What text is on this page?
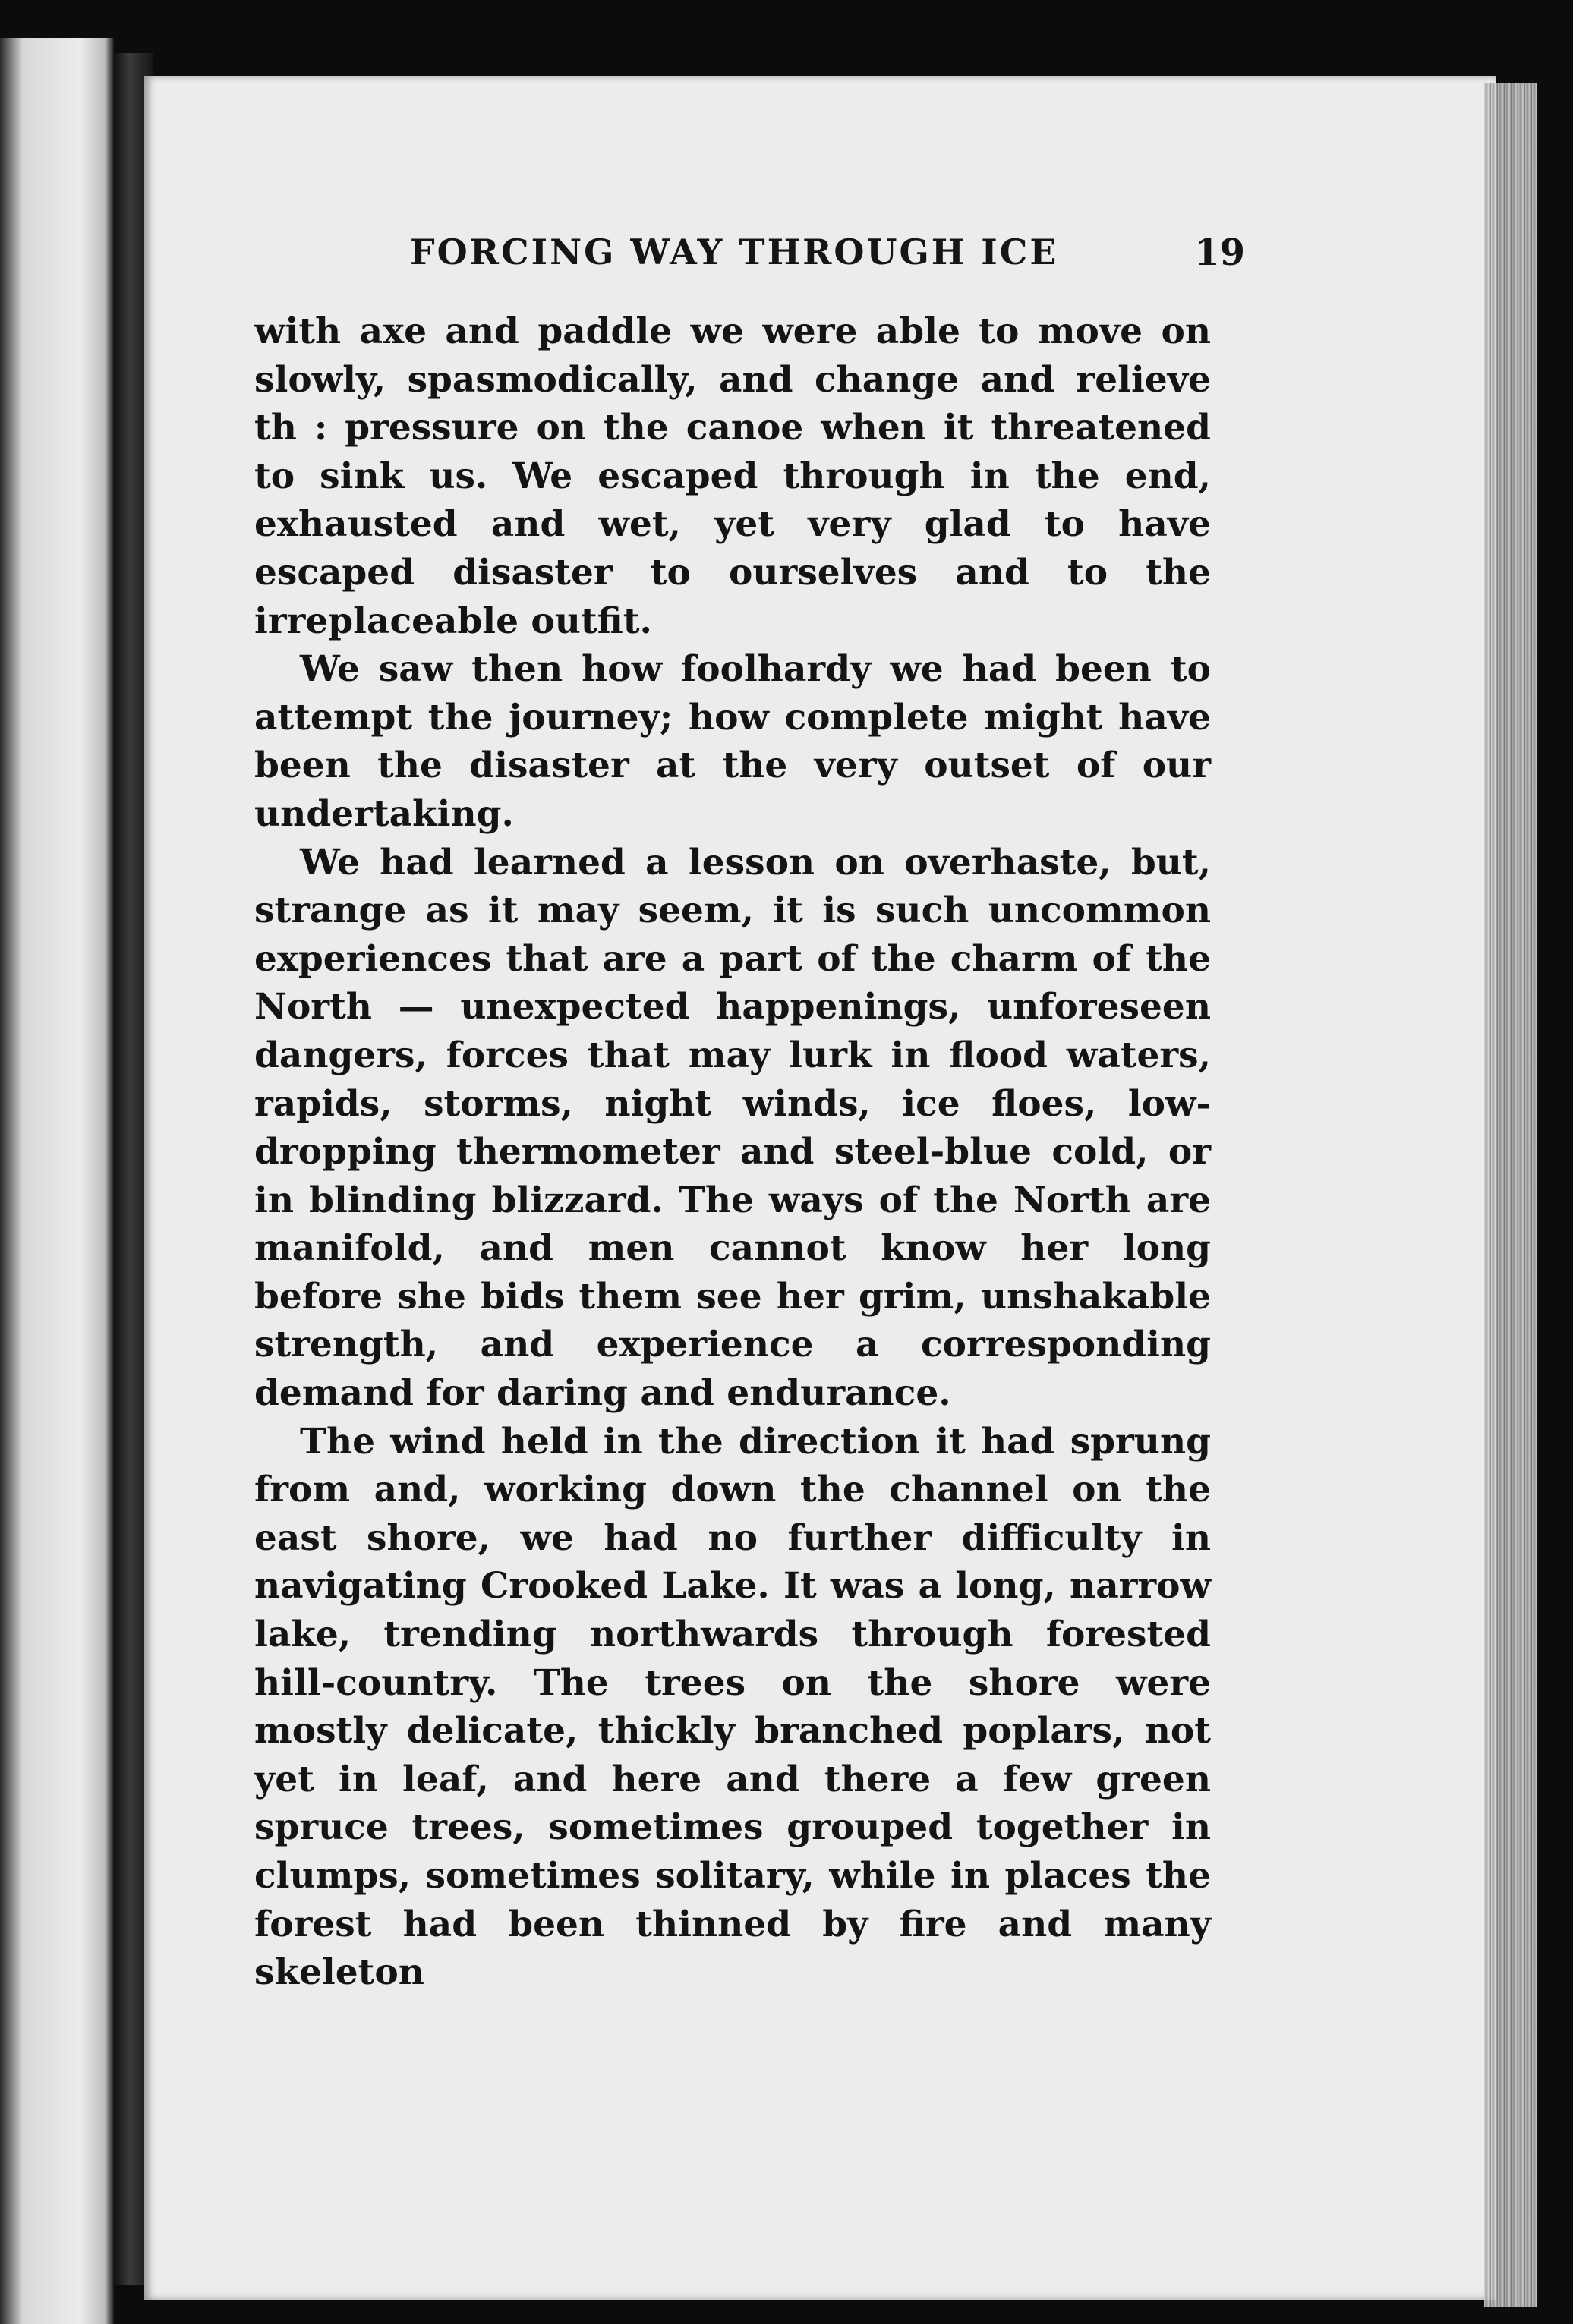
FORCING WAY THROUGH ICE	19

with axe and paddle we were able to move on slowly, spasmodically, and change and relieve th : pressure on the canoe when it threatened to sink us. We escaped through in the end, exhausted and wet, yet very glad to have escaped disaster to ourselves and to the irreplaceable outfit.

We saw then how foolhardy we had been to attempt the journey; how complete might have been the disaster at the very outset of our undertaking.

We had learned a lesson on overhaste, but, strange as it may seem, it is such uncommon experiences that are a part of the charm of the North — unexpected happenings, unforeseen dangers, forces that may lurk in flood waters, rapids, storms, night winds, ice floes, low-dropping thermometer and steel-blue cold, or in blinding blizzard. The ways of the North are manifold, and men cannot know her long before she bids them see her grim, unshakable strength, and experience a corresponding demand for daring and endurance.

The wind held in the direction it had sprung from and, working down the channel on the east shore, we had no further difficulty in navigating Crooked Lake. It was a long, narrow lake, trending northwards through forested hill-country. The trees on the shore were mostly delicate, thickly branched poplars, not yet in leaf, and here and there a few green spruce trees, sometimes grouped together in clumps, sometimes solitary, while in places the forest had been thinned by fire and many skeleton
